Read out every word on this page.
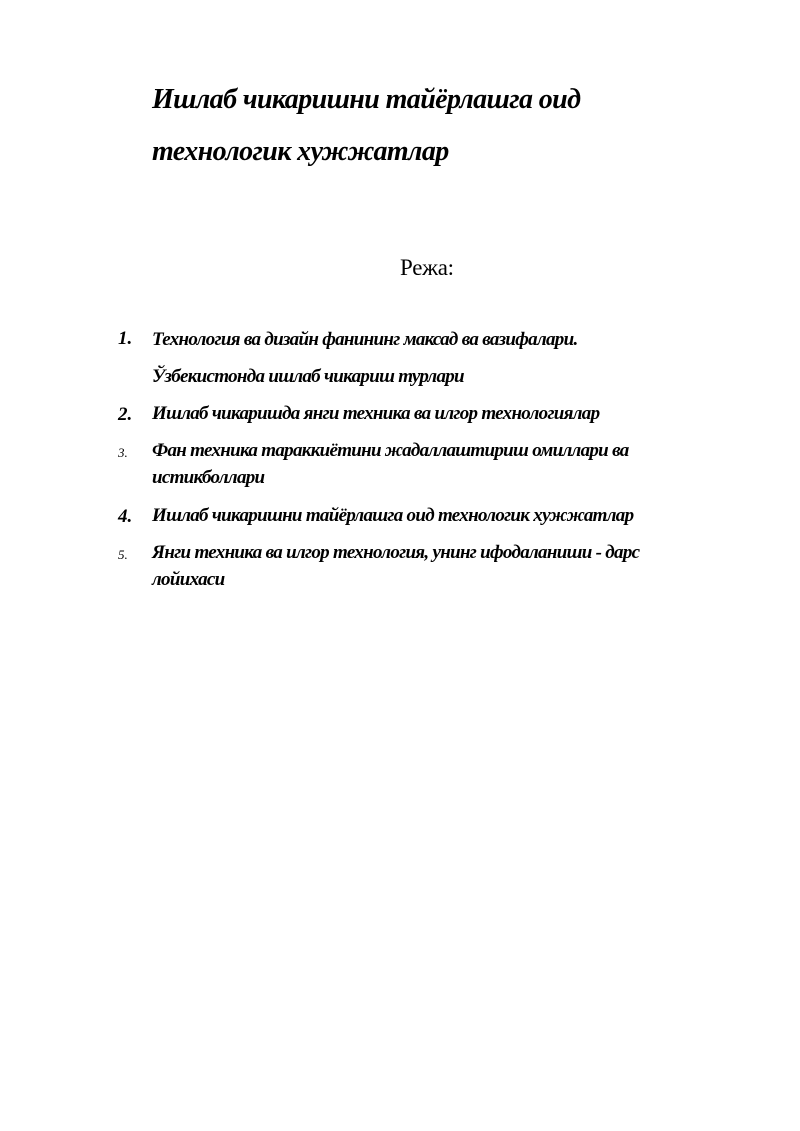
Ишлаб чикаришни тайёрлашга оид
технологик хужжатлар
Режа:
1. Технология ва дизайн фанининг максад ва вазифалари.
Ўзбекистонда ишлаб чикариш турлари
2. Ишлаб чикаришда янги техника ва илгор технологиялар
3. Фан техника тараккиётини жадаллаштириш омиллари ва
истикболлари
4. Ишлаб чикаришни тайёрлашга оид технологик хужжатлар
5. Янги техника ва илгор технология, унинг ифодаланиши - дарс
лойихаси
